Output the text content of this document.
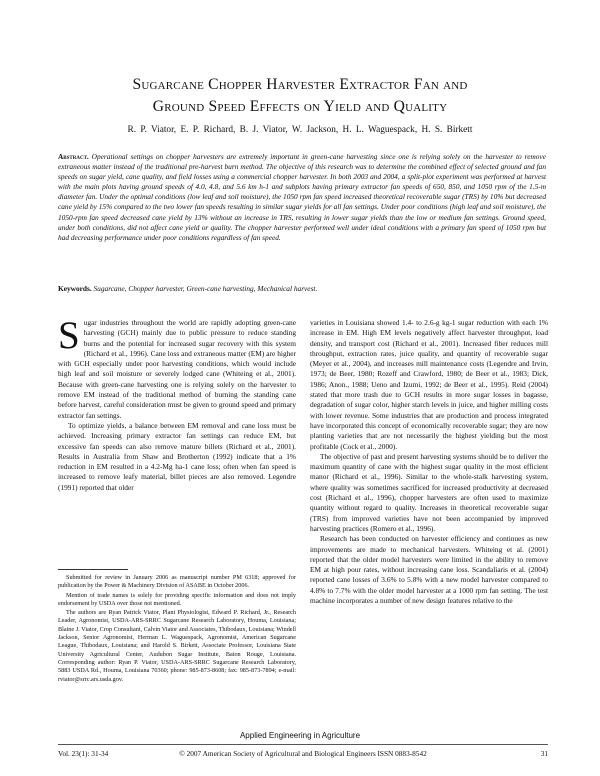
Sugarcane Chopper Harvester Extractor Fan and
Ground Speed Effects on Yield and Quality

R. P. Viator, E. P. Richard, B. J. Viator, W. Jackson, H. L. Waguespack, H. S. Birkett

Abstract. Operational settings on chopper harvesters are extremely important in green-cane harvesting since one is relying solely on the harvester to remove extraneous matter instead of the traditional pre-harvest burn method. The objective of this research was to determine the combined effect of selected ground and fan speeds on sugar yield, cane quality, and field losses using a commercial chopper harvester. In both 2003 and 2004, a split-plot experiment was performed at harvest with the main plots having ground speeds of 4.0, 4.8, and 5.6 km h-1 and subplots having primary extractor fan speeds of 650, 850, and 1050 rpm of the 1.5-m diameter fan. Under the optimal conditions (low leaf and soil moisture), the 1050 rpm fan speed increased theoretical recoverable sugar (TRS) by 10% but decreased cane yield by 15% compared to the two lower fan speeds resulting in similar sugar yields for all fan settings. Under poor conditions (high leaf and soil moisture), the 1050-rpm fan speed decreased cane yield by 13% without an increase in TRS, resulting in lower sugar yields than the low or medium fan settings. Ground speed, under both conditions, did not affect cane yield or quality. The chopper harvester performed well under ideal conditions with a primary fan speed of 1050 rpm but had decreasing performance under poor conditions regardless of fan speed.

Keywords. Sugarcane, Chopper harvester, Green-cane harvesting, Mechanical harvest.

Sugar industries throughout the world are rapidly adopting green-cane harvesting (GCH) mainly due to public pressure to reduce standing burns and the potential for increased sugar recovery with this system (Richard et al., 1996). Cane loss and extraneous matter (EM) are higher with GCH especially under poor harvesting conditions, which would include high leaf and soil moisture or severely lodged cane (Whiteing et al., 2001). Because with green-cane harvesting one is relying solely on the harvester to remove EM instead of the traditional method of burning the standing cane before harvest, careful consideration must be given to ground speed and primary extractor fan settings.

To optimize yields, a balance between EM removal and cane loss must be achieved. Increasing primary extractor fan settings can reduce EM, but excessive fan speeds can also remove mature billets (Richard et al., 2001). Results in Australia from Shaw and Brotherton (1992) indicate that a 1% reduction in EM resulted in a 4.2-Mg ha-1 cane loss; often when fan speed is increased to remove leafy material, billet pieces are also removed. Legendre (1991) reported that older

Submitted for review in January 2006 as manuscript number PM 6318; approved for publication by the Power & Machinery Division of ASABE in October 2006.

Mention of trade names is solely for providing specific information and does not imply endorsement by USDA over those not mentioned.

The authors are Ryan Patrick Viator, Plant Physiologist, Edward P. Richard, Jr., Research Leader, Agronomist, USDA-ARS-SRRC Sugarcane Research Laboratory, Houma, Louisiana; Blaine J. Viator, Crop Consultant, Calvin Viator and Associates, Thibodaux, Louisiana; Windell Jackson, Senior Agronomist, Herman L. Waguespack, Agronomist, American Sugarcane League, Thibodaux, Louisiana; and Harold S. Birkett, Associate Professor, Louisiana State University Agricultural Center, Audubon Sugar Institute, Baton Rouge, Louisiana. Corresponding author: Ryan P. Viator, USDA-ARS-SRRC Sugarcane Research Laboratory, 5883 USDA Rd., Houma, Louisiana 70360; phone: 985-873-8608; fax: 985-873-7894; e-mail: rviator@srrc.ars.usda.gov.

varieties in Louisiana showed 1.4- to 2.6-g kg-1 sugar reduction with each 1% increase in EM. High EM levels negatively affect harvester throughput, load density, and transport cost (Richard et al., 2001). Increased fiber reduces mill throughput, extraction rates, juice quality, and quantity of recoverable sugar (Meyer et al., 2004), and increases mill maintenance costs (Legendre and Irvin, 1973; de Beer, 1980; Rozeff and Crawford, 1980; de Beer et al., 1983; Dick, 1986; Anon., 1988; Ueno and Izumi, 1992; de Beer et al., 1995). Reid (2004) stated that more trash due to GCH results in more sugar losses in bagasse, degradation of sugar color, higher starch levels in juice, and higher milling costs with lower revenue. Some industries that are production and process integrated have incorporated this concept of economically recoverable sugar; they are now planting varieties that are not necessarily the highest yielding but the most profitable (Cock et al., 2000).

The objective of past and present harvesting systems should be to deliver the maximum quantity of cane with the highest sugar quality in the most efficient manor (Richard et al., 1996). Similar to the whole-stalk harvesting system, where quality was sometimes sacrificed for increased productivity at decreased cost (Richard et al., 1996), chopper harvesters are often used to maximize quantity without regard to quality. Increases in theoretical recoverable sugar (TRS) from improved varieties have not been accompanied by improved harvesting practices (Romero et al., 1996).

Research has been conducted on harvester efficiency and continues as new improvements are made to mechanical harvesters. Whiteing et al. (2001) reported that the older model harvesters were limited in the ability to remove EM at high pour rates, without increasing cane loss. Scandaliaris et al. (2004) reported cane losses of 3.6% to 5.8% with a new model harvester compared to 4.8% to 7.7% with the older model harvester at a 1000 rpm fan setting. The test machine incorporates a number of new design features relative to the

Applied Engineering in Agriculture

Vol. 23(1): 31-34	© 2007 American Society of Agricultural and Biological Engineers ISSN 0883-8542	31
